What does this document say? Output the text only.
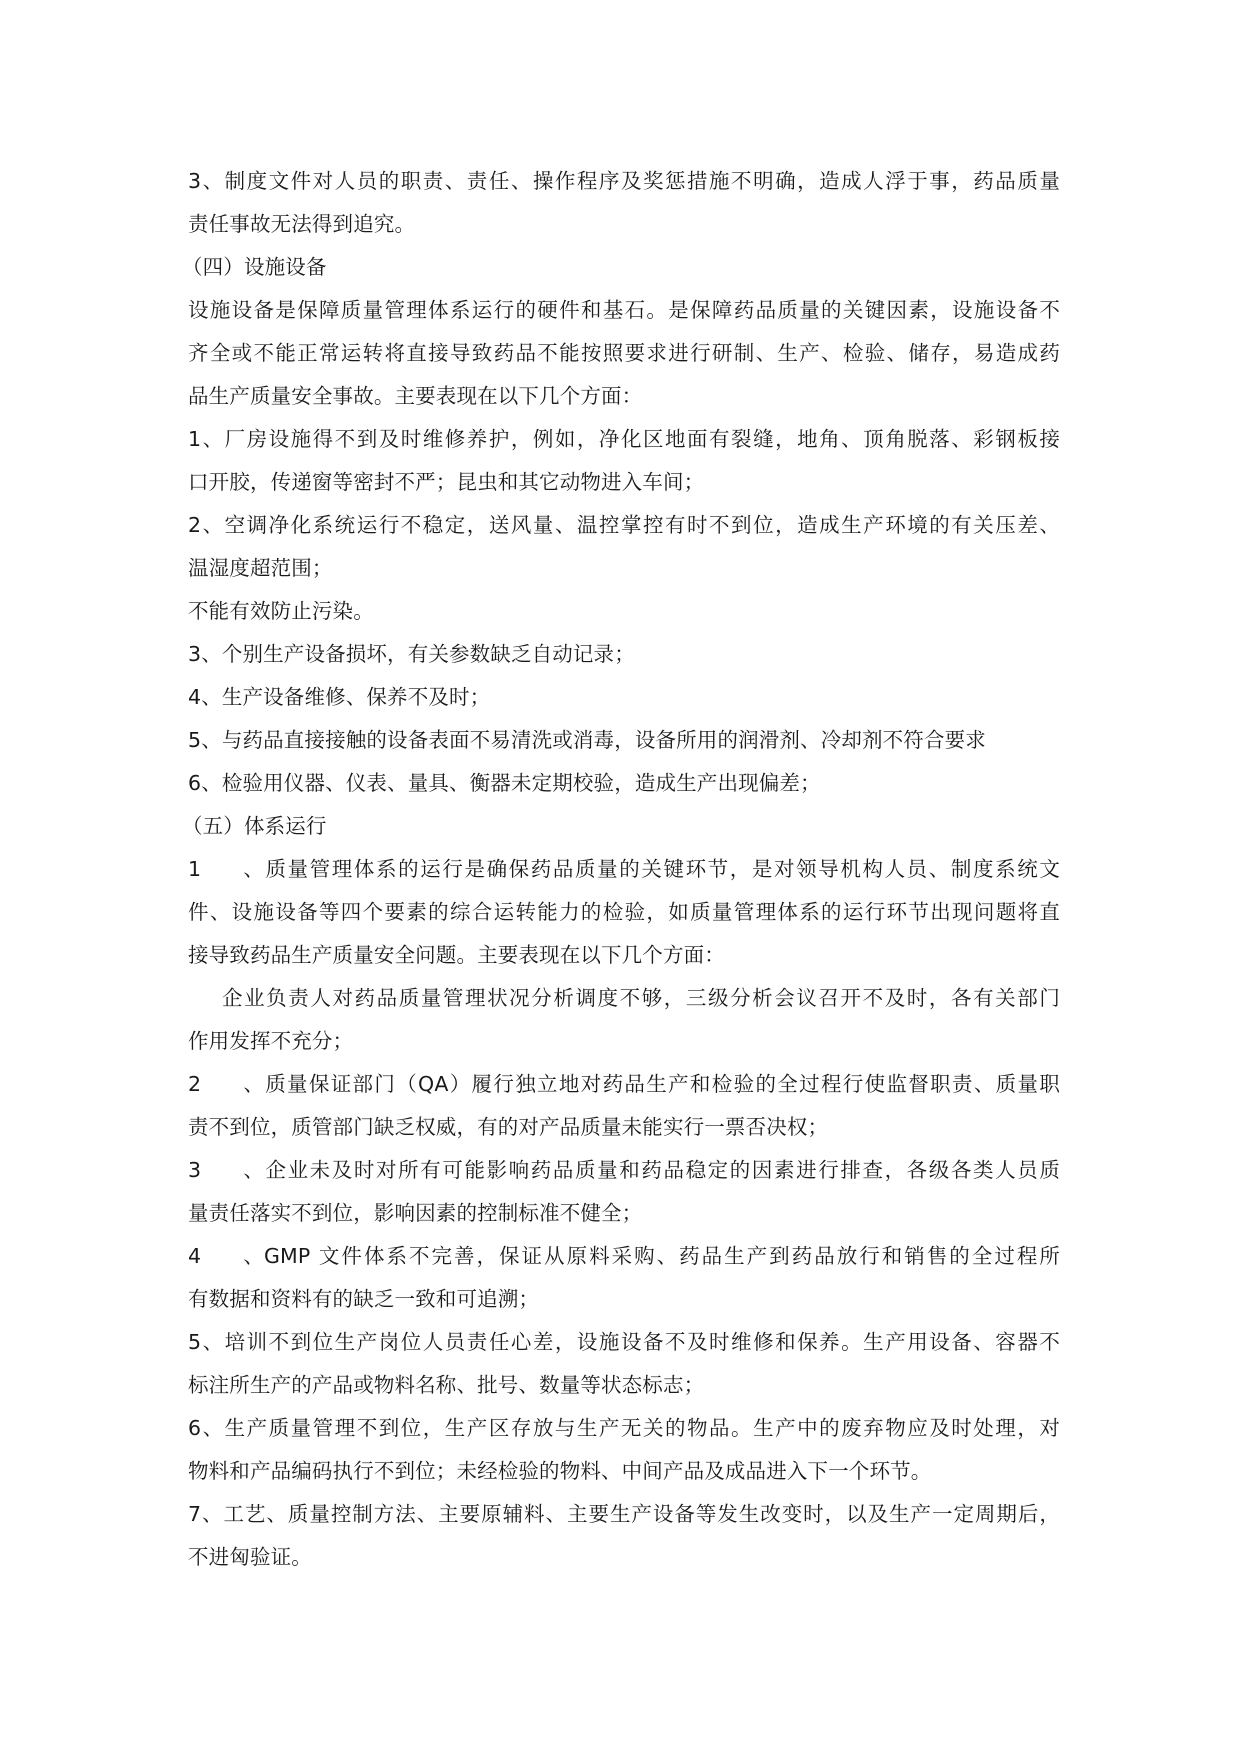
3、制度文件对人员的职责、责任、操作程序及奖惩措施不明确，造成人浮于事，药品质量
责任事故无法得到追究。
（四）设施设备
设施设备是保障质量管理体系运行的硬件和基石。是保障药品质量的关键因素，设施设备不
齐全或不能正常运转将直接导致药品不能按照要求进行研制、生产、检验、储存，易造成药
品生产质量安全事故。主要表现在以下几个方面：
1、厂房设施得不到及时维修养护，例如，净化区地面有裂缝，地角、顶角脱落、彩钢板接
口开胶，传递窗等密封不严；昆虫和其它动物进入车间；
2、空调净化系统运行不稳定，送风量、温控掌控有时不到位，造成生产环境的有关压差、
温湿度超范围；
不能有效防止污染。
3、个别生产设备损坏，有关参数缺乏自动记录；
4、生产设备维修、保养不及时；
5、与药品直接接触的设备表面不易清洗或消毒，设备所用的润滑剂、冷却剂不符合要求
6、检验用仪器、仪表、量具、衡器未定期校验，造成生产出现偏差；
（五）体系运行
1、质量管理体系的运行是确保药品质量的关键环节，是对领导机构人员、制度系统文
件、设施设备等四个要素的综合运转能力的检验，如质量管理体系的运行环节出现问题将直
接导致药品生产质量安全问题。主要表现在以下几个方面：
企业负责人对药品质量管理状况分析调度不够，三级分析会议召开不及时，各有关部门
作用发挥不充分；
2、质量保证部门（QA）履行独立地对药品生产和检验的全过程行使监督职责、质量职
责不到位，质管部门缺乏权威，有的对产品质量未能实行一票否决权；
3、企业未及时对所有可能影响药品质量和药品稳定的因素进行排查，各级各类人员质
量责任落实不到位，影响因素的控制标准不健全；
4、GMP 文件体系不完善，保证从原料采购、药品生产到药品放行和销售的全过程所
有数据和资料有的缺乏一致和可追溯；
5、培训不到位生产岗位人员责任心差，设施设备不及时维修和保养。生产用设备、容器不
标注所生产的产品或物料名称、批号、数量等状态标志；
6、生产质量管理不到位，生产区存放与生产无关的物品。生产中的废弃物应及时处理，对
物料和产品编码执行不到位；未经检验的物料、中间产品及成品进入下一个环节。
7、工艺、质量控制方法、主要原辅料、主要生产设备等发生改变时，以及生产一定周期后，
不进匈验证。
